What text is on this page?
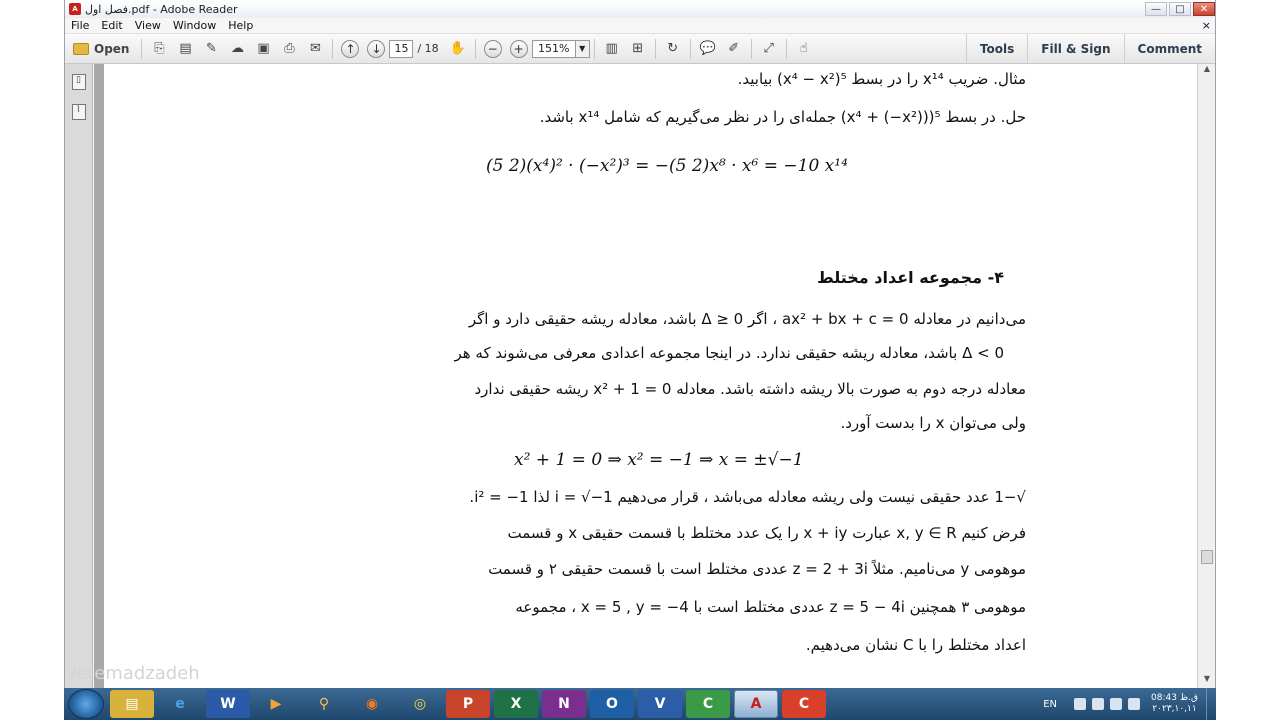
A فصل اول.pdf - Adobe Reader	—	□	✕
File	Edit	View	Window	Help	×
Open	⎘	▤	✎	☁	▣	⎙	✉	↑	↓	15 / 18 ✋	−	+	151%	▼	▥	⊞	↻	💬 ✐	⤢	☝	Tools	Fill & Sign	Comment
▯
⌇
مثال. ضریب x¹⁴ را در بسط ⁵(x⁴ − x²) بیابید.
حل. در بسط ⁵((x⁴ + (−x²)) جمله‌ای را در نظر می‌گیریم که شامل x¹⁴ باشد.
(5 2)(x⁴)² · (−x²)³ = −(5 2)x⁸ · x⁶ = −10 x¹⁴
۴- مجموعه اعداد مختلط
می‌دانیم در معادله ax² + bx + c = 0 ، اگر Δ ≥ 0 باشد، معادله ریشه حقیقی دارد و اگر
Δ < 0 باشد، معادله ریشه حقیقی ندارد. در اینجا مجموعه اعدادی معرفی می‌شوند که هر
معادله درجه دوم به صورت بالا ریشه داشته باشد. معادله x² + 1 = 0 ریشه حقیقی ندارد
ولی می‌توان x را بدست آورد.
x² + 1 = 0 ⇒ x² = −1 ⇒ x = ±√−1
√−1 عدد حقیقی نیست ولی ریشه معادله می‌باشد ، قرار می‌دهیم i = √−1 لذا i² = −1.
فرض کنیم x, y ∈ R عبارت x + iy را یک عدد مختلط با قسمت حقیقی x و قسمت
موهومی y می‌نامیم. مثلاً z = 2 + 3i عددی مختلط است با قسمت حقیقی ۲ و قسمت
موهومی ۳ همچنین z = 5 − 4i عددی مختلط است با x = 5 , y = −4 ، مجموعه
اعداد مختلط را با C نشان می‌دهیم.
▲
▼
/etemadzadeh
▤	e	W	▶	⚲	◉	◎	P	X	N	O	V	C	A	C	EN
08:43 ق.ظ
۲۰۲۳,۱۰,۱۱
